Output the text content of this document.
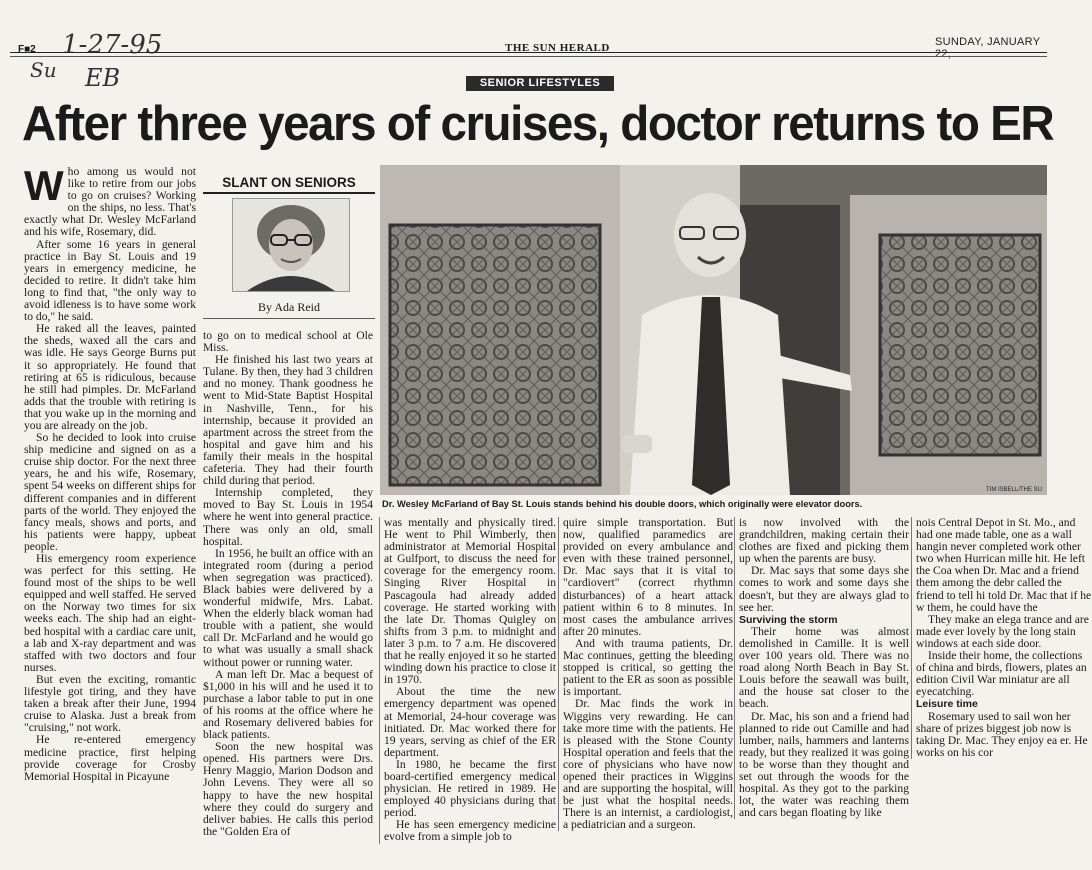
1-27-95
Su EB
F■2	THE SUN HERALD	SUNDAY, JANUARY 22,
SENIOR LIFESTYLES
After three years of cruises, doctor returns to ER

Who among us would not like to retire from our jobs to go on cruises? Working on the ships, no less. That's exactly what Dr. Wesley McFarland and his wife, Rosemary, did.

After some 16 years in general practice in Bay St. Louis and 19 years in emergency medicine, he decided to retire. It didn't take him long to find that, "the only way to avoid idleness is to have some work to do," he said.

He raked all the leaves, painted the sheds, waxed all the cars and was idle. He says George Burns put it so appropriately. He found that retiring at 65 is ridiculous, because he still had pimples. Dr. McFarland adds that the trouble with retiring is that you wake up in the morning and you are already on the job.

So he decided to look into cruise ship medicine and signed on as a cruise ship doctor. For the next three years, he and his wife, Rosemary, spent 54 weeks on different ships for different companies and in different parts of the world. They enjoyed the fancy meals, shows and ports, and his patients were happy, upbeat people.

His emergency room experience was perfect for this setting. He found most of the ships to be well equipped and well staffed. He served on the Norway two times for six weeks each. The ship had an eight-bed hospital with a cardiac care unit, a lab and X-ray department and was staffed with two doctors and four nurses.

But even the exciting, romantic lifestyle got tiring, and they have taken a break after their June, 1994 cruise to Alaska. Just a break from "cruising," not work.

He re-entered emergency medicine practice, first helping provide coverage for Crosby Memorial Hospital in Picayune

SLANT ON SENIORS
By Ada Reid

to go on to medical school at Ole Miss.

He finished his last two years at Tulane. By then, they had 3 children and no money. Thank goodness he went to Mid-State Baptist Hospital in Nashville, Tenn., for his internship, because it provided an apartment across the street from the hospital and gave him and his family their meals in the hospital cafeteria. They had their fourth child during that period.

Internship completed, they moved to Bay St. Louis in 1954 where he went into general practice. There was only an old, small hospital.

In 1956, he built an office with an integrated room (during a period when segregation was practiced). Black babies were delivered by a wonderful midwife, Mrs. Labat. When the elderly black woman had trouble with a patient, she would call Dr. McFarland and he would go to what was usually a small shack without power or running water.

A man left Dr. Mac a bequest of $1,000 in his will and he used it to purchase a labor table to put in one of his rooms at the office where he and Rosemary delivered babies for black patients.

Soon the new hospital was opened. His partners were Drs. Henry Maggio, Marion Dodson and John Levens. They were all so happy to have the new hospital where they could do surgery and deliver babies. He calls this period the "Golden Era of

TIM ISBELL/THE SU
Dr. Wesley McFarland of Bay St. Louis stands behind his double doors, which originally were elevator doors.

was mentally and physically tired. He went to Phil Wimberly, then administrator at Memorial Hospital at Gulfport, to discuss the need for coverage for the emergency room. Singing River Hospital in Pascagoula had already added coverage. He started working with the late Dr. Thomas Quigley on shifts from 3 p.m. to midnight and later 3 p.m. to 7 a.m. He discovered that he really enjoyed it so he started winding down his practice to close it in 1970.

About the time the new emergency department was opened at Memorial, 24-hour coverage was initiated. Dr. Mac worked there for 19 years, serving as chief of the ER department.

In 1980, he became the first board-certified emergency medical physician. He retired in 1989. He employed 40 physicians during that period.

He has seen emergency medicine evolve from a simple job to

quire simple transportation. But now, qualified paramedics are provided on every ambulance and even with these trained personnel, Dr. Mac says that it is vital to "cardiovert" (correct rhythmn disturbances) of a heart attack patient within 6 to 8 minutes. In most cases the ambulance arrives after 20 minutes.

And with trauma patients, Dr. Mac continues, getting the bleeding stopped is critical, so getting the patient to the ER as soon as possible is important.

Dr. Mac finds the work in Wiggins very rewarding. He can take more time with the patients. He is pleased with the Stone County Hospital operation and feels that the core of physicians who have now opened their practices in Wiggins and are supporting the hospital, will be just what the hospital needs. There is an internist, a cardiologist, a pediatrician and a surgeon.

is now involved with the grandchildren, making certain their clothes are fixed and picking them up when the parents are busy.

Dr. Mac says that some days she comes to work and some days she doesn't, but they are always glad to see her.

Surviving the storm

Their home was almost demolished in Camille. It is well over 100 years old. There was no road along North Beach in Bay St. Louis before the seawall was built, and the house sat closer to the beach.

Dr. Mac, his son and a friend had planned to ride out Camille and had lumber, nails, hammers and lanterns ready, but they realized it was going to be worse than they thought and set out through the woods for the hospital. As they got to the parking lot, the water was reaching them and cars began floating by like

nois Central Depot in St. Mo., and had one made table, one as a wall hangin never completed work other two when Hurrican mille hit. He left the Coa when Dr. Mac and a friend them among the debr called the friend to tell hi told Dr. Mac that if he w them, he could have the

They make an elega trance and are made ever lovely by the long stain windows at each side door.

Inside their home, the collections of china and birds, flowers, plates an edition Civil War miniatur are all eyecatching.

Leisure time

Rosemary used to sail won her share of prizes biggest job now is taking Dr. Mac. They enjoy ea er. He works on his cor
